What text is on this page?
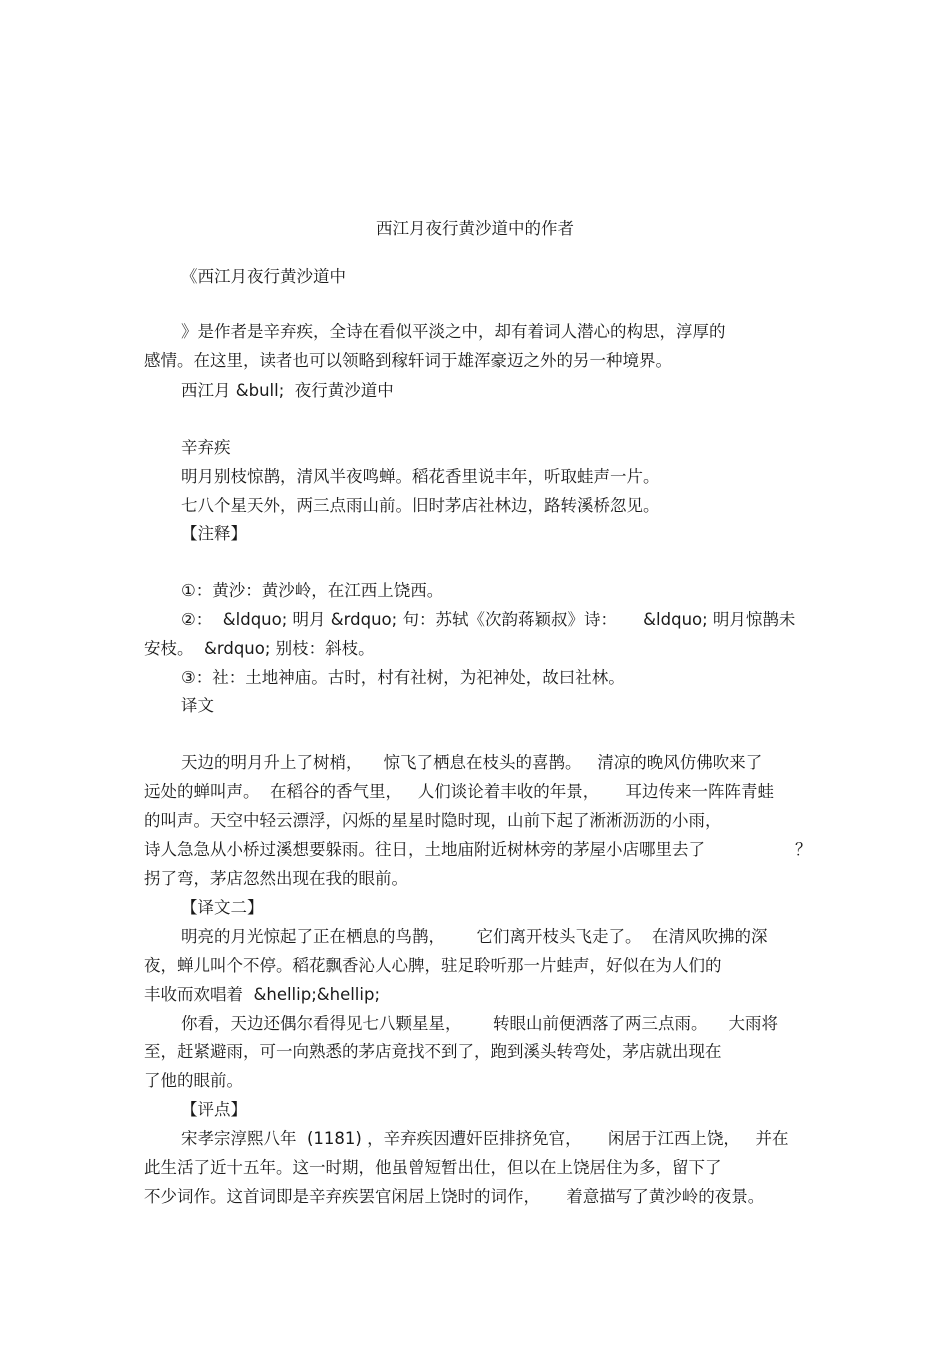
西江月夜行黄沙道中的作者
《西江月夜行黄沙道中
》是作者是辛弃疾，全诗在看似平淡之中，却有着词人潜心的构思，淳厚的
感情。在这里，读者也可以领略到稼轩词于雄浑豪迈之外的另一种境界。
西江月 &bull;  夜行黄沙道中
辛弃疾
明月别枝惊鹊，清风半夜鸣蝉。稻花香里说丰年，听取蛙声一片。
七八个星天外，两三点雨山前。旧时茅店社林边，路转溪桥忽见。
【注释】
①：黄沙：黄沙岭，在江西上饶西。
②：  &ldquo; 明月 &rdquo; 句：苏轼《次韵蒋颖叔》诗：     &ldquo; 明月惊鹊未
安枝。  &rdquo; 别枝：斜枝。
③：社：土地神庙。古时，村有社树，为祀神处，故曰社林。
译文
天边的明月升上了树梢，    惊飞了栖息在枝头的喜鹊。   清凉的晚风仿佛吹来了
远处的蝉叫声。  在稻谷的香气里，   人们谈论着丰收的年景，     耳边传来一阵阵青蛙
的叫声。天空中轻云漂浮，闪烁的星星时隐时现，山前下起了淅淅沥沥的小雨，
诗人急急从小桥过溪想要躲雨。往日，土地庙附近树林旁的茅屋小店哪里去了	？
拐了弯，茅店忽然出现在我的眼前。
【译文二】
明亮的月光惊起了正在栖息的鸟鹊，      它们离开枝头飞走了。  在清风吹拂的深
夜，蝉儿叫个不停。稻花飘香沁人心脾，驻足聆听那一片蛙声，好似在为人们的
丰收而欢唱着  &hellip;&hellip;
你看，天边还偶尔看得见七八颗星星，      转眼山前便洒落了两三点雨。    大雨将
至，赶紧避雨，可一向熟悉的茅店竟找不到了，跑到溪头转弯处，茅店就出现在
了他的眼前。
【评点】
宋孝宗淳熙八年  (1181) ，辛弃疾因遭奸臣排挤免官，     闲居于江西上饶，   并在
此生活了近十五年。这一时期，他虽曾短暂出仕，但以在上饶居住为多，留下了
不少词作。这首词即是辛弃疾罢官闲居上饶时的词作，     着意描写了黄沙岭的夜景。
